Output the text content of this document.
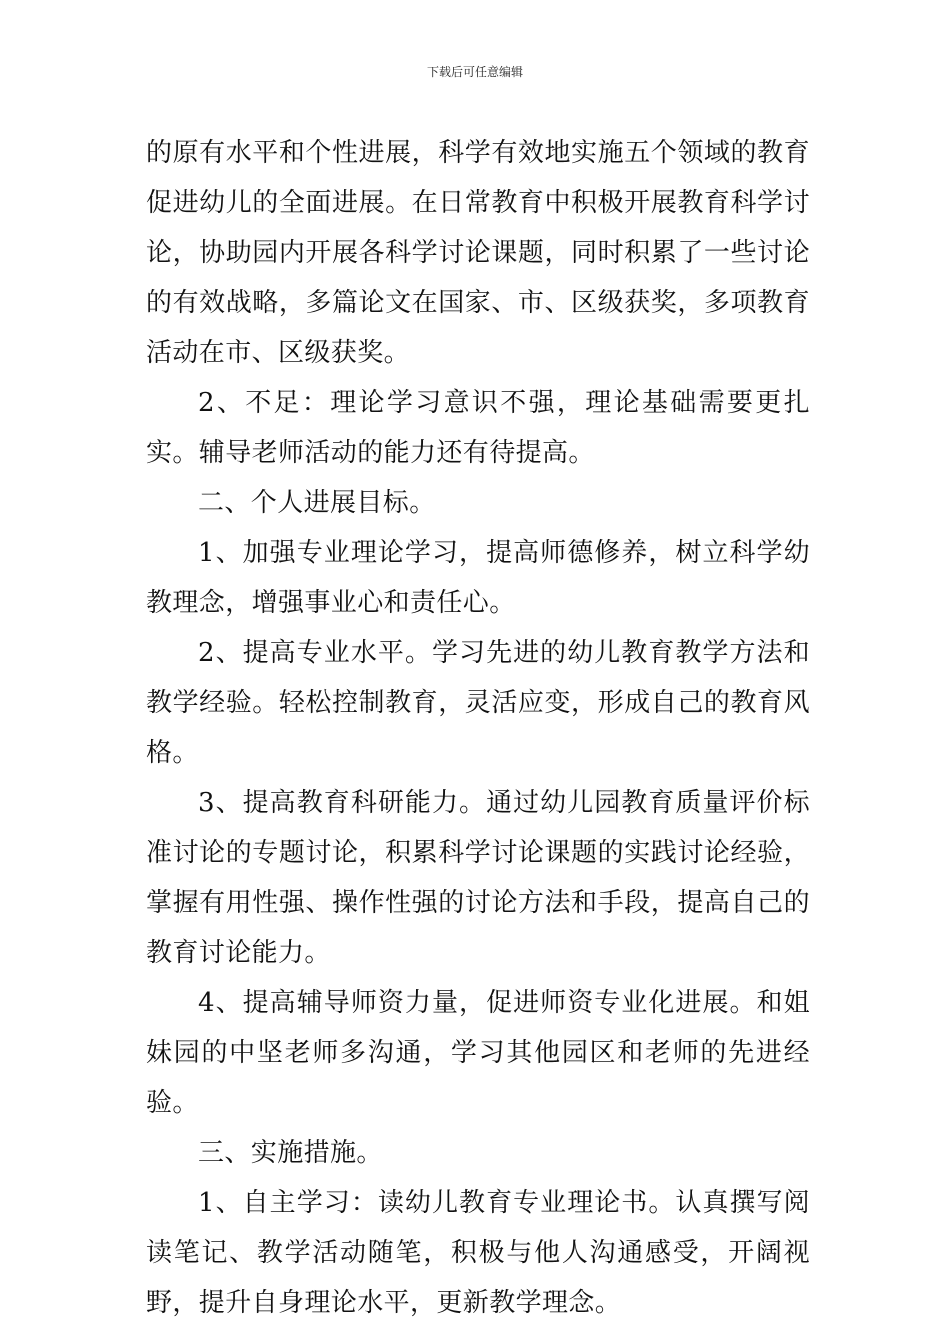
下载后可任意编辑

的原有水平和个性进展，科学有效地实施五个领域的教育促进幼儿的全面进展。在日常教育中积极开展教育科学讨论，协助园内开展各科学讨论课题，同时积累了一些讨论的有效战略，多篇论文在国家、市、区级获奖，多项教育活动在市、区级获奖。

2、不足：理论学习意识不强，理论基础需要更扎实。辅导老师活动的能力还有待提高。

二、个人进展目标。

1、加强专业理论学习，提高师德修养，树立科学幼教理念，增强事业心和责任心。

2、提高专业水平。学习先进的幼儿教育教学方法和教学经验。轻松控制教育，灵活应变，形成自己的教育风格。

3、提高教育科研能力。通过幼儿园教育质量评价标准讨论的专题讨论，积累科学讨论课题的实践讨论经验，掌握有用性强、操作性强的讨论方法和手段，提高自己的教育讨论能力。

4、提高辅导师资力量，促进师资专业化进展。和姐妹园的中坚老师多沟通，学习其他园区和老师的先进经验。

三、实施措施。

1、自主学习：读幼儿教育专业理论书。认真撰写阅读笔记、教学活动随笔，积极与他人沟通感受，开阔视野，提升自身理论水平，更新教学理念。
